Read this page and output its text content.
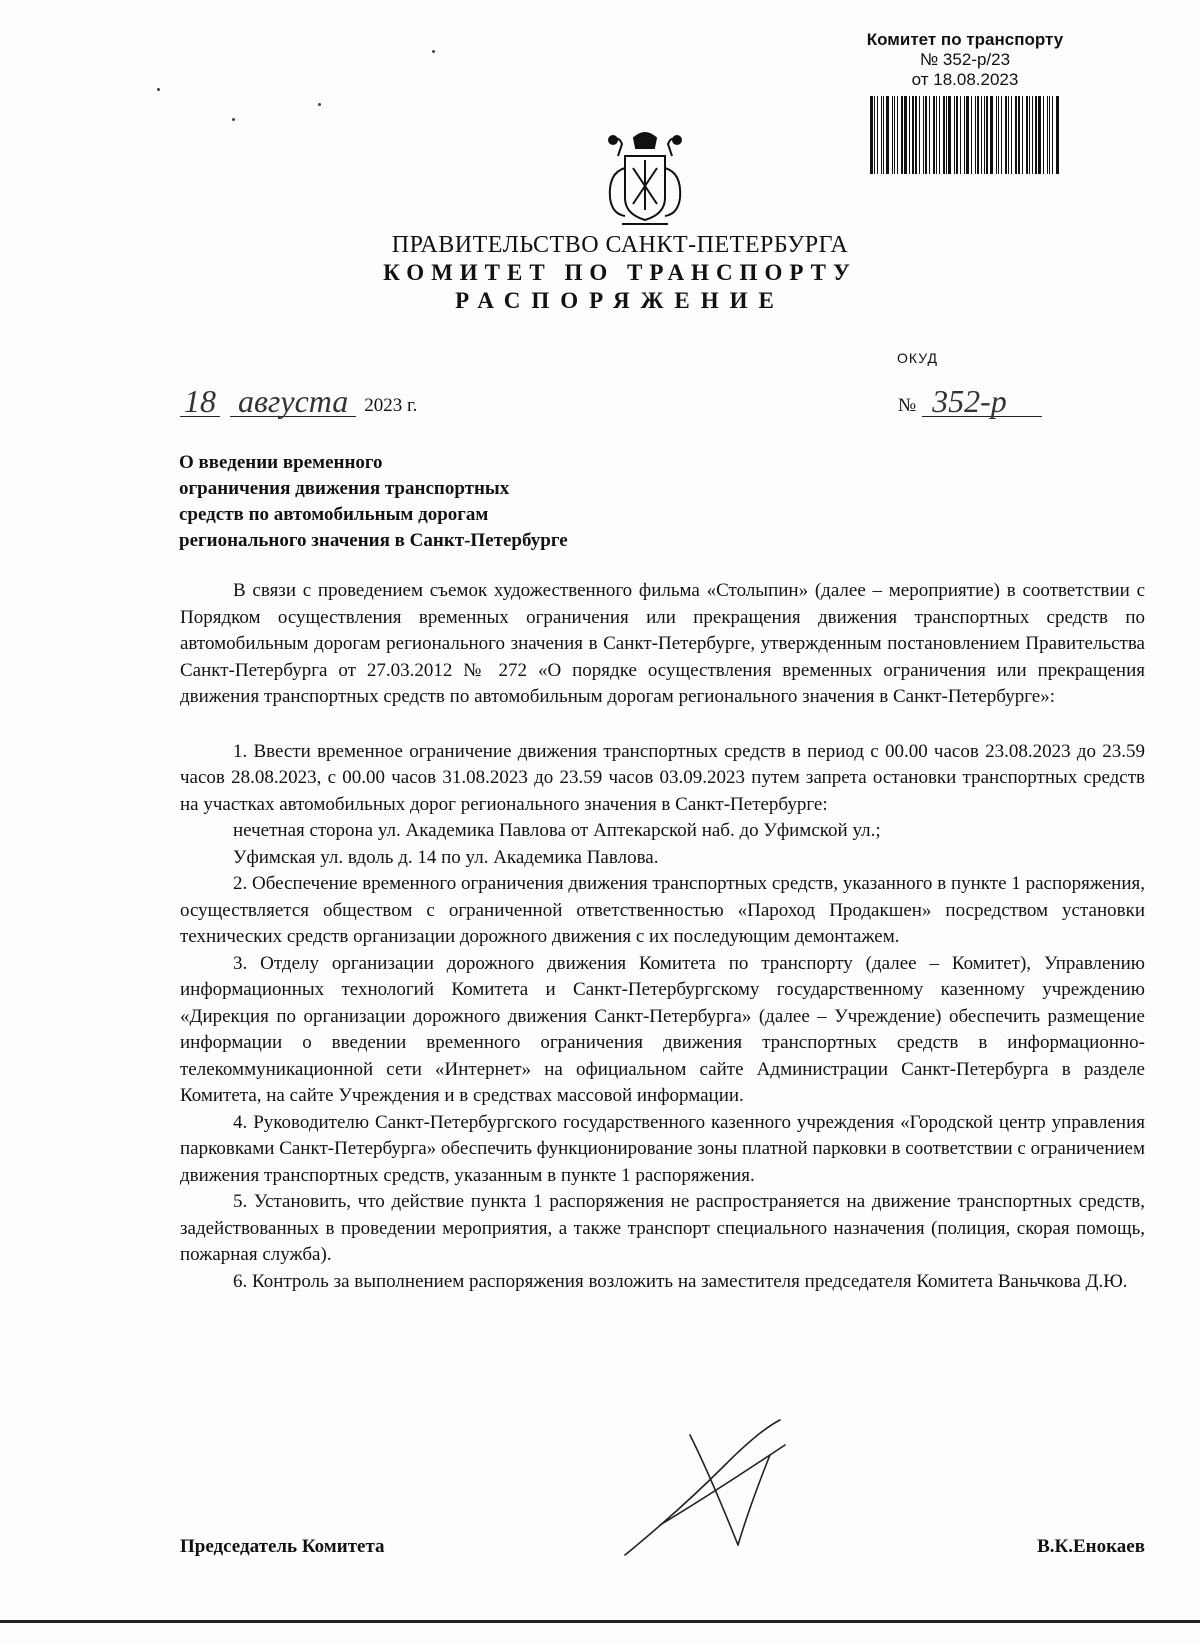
Комитет по транспорту
№ 352-р/23
от 18.08.2023
ПРАВИТЕЛЬСТВО САНКТ-ПЕТЕРБУРГА
КОМИТЕТ ПО ТРАНСПОРТУ
РАСПОРЯЖЕНИЕ
ОКУД
18 августа 2023 г.	№ 352-р
О введении временного
ограничения движения транспортных
средств по автомобильным дорогам
регионального значения в Санкт-Петербурге

В связи с проведением съемок художественного фильма «Столыпин» (далее – мероприятие) в соответствии с Порядком осуществления временных ограничения или прекращения движения транспортных средств по автомобильным дорогам регионального значения в Санкт-Петербурге, утвержденным постановлением Правительства Санкт-Петербурга от 27.03.2012 № 272 «О порядке осуществления временных ограничения или прекращения движения транспортных средств по автомобильным дорогам регионального значения в Санкт-Петербурге»:

1. Ввести временное ограничение движения транспортных средств в период с 00.00 часов 23.08.2023 до 23.59 часов 28.08.2023, с 00.00 часов 31.08.2023 до 23.59 часов 03.09.2023 путем запрета остановки транспортных средств на участках автомобильных дорог регионального значения в Санкт-Петербурге:

нечетная сторона ул. Академика Павлова от Аптекарской наб. до Уфимской ул.;

Уфимская ул. вдоль д. 14 по ул. Академика Павлова.

2. Обеспечение временного ограничения движения транспортных средств, указанного в пункте 1 распоряжения, осуществляется обществом с ограниченной ответственностью «Пароход Продакшен» посредством установки технических средств организации дорожного движения с их последующим демонтажем.

3. Отделу организации дорожного движения Комитета по транспорту (далее – Комитет), Управлению информационных технологий Комитета и Санкт-Петербургскому государственному казенному учреждению «Дирекция по организации дорожного движения Санкт-Петербурга» (далее – Учреждение) обеспечить размещение информации о введении временного ограничения движения транспортных средств в информационно-телекоммуникационной сети «Интернет» на официальном сайте Администрации Санкт-Петербурга в разделе Комитета, на сайте Учреждения и в средствах массовой информации.

4. Руководителю Санкт-Петербургского государственного казенного учреждения «Городской центр управления парковками Санкт-Петербурга» обеспечить функционирование зоны платной парковки в соответствии с ограничением движения транспортных средств, указанным в пункте 1 распоряжения.

5. Установить, что действие пункта 1 распоряжения не распространяется на движение транспортных средств, задействованных в проведении мероприятия, а также транспорт специального назначения (полиция, скорая помощь, пожарная служба).

6. Контроль за выполнением распоряжения возложить на заместителя председателя Комитета Ваньчкова Д.Ю.

Председатель Комитета	В.К.Енокаев
